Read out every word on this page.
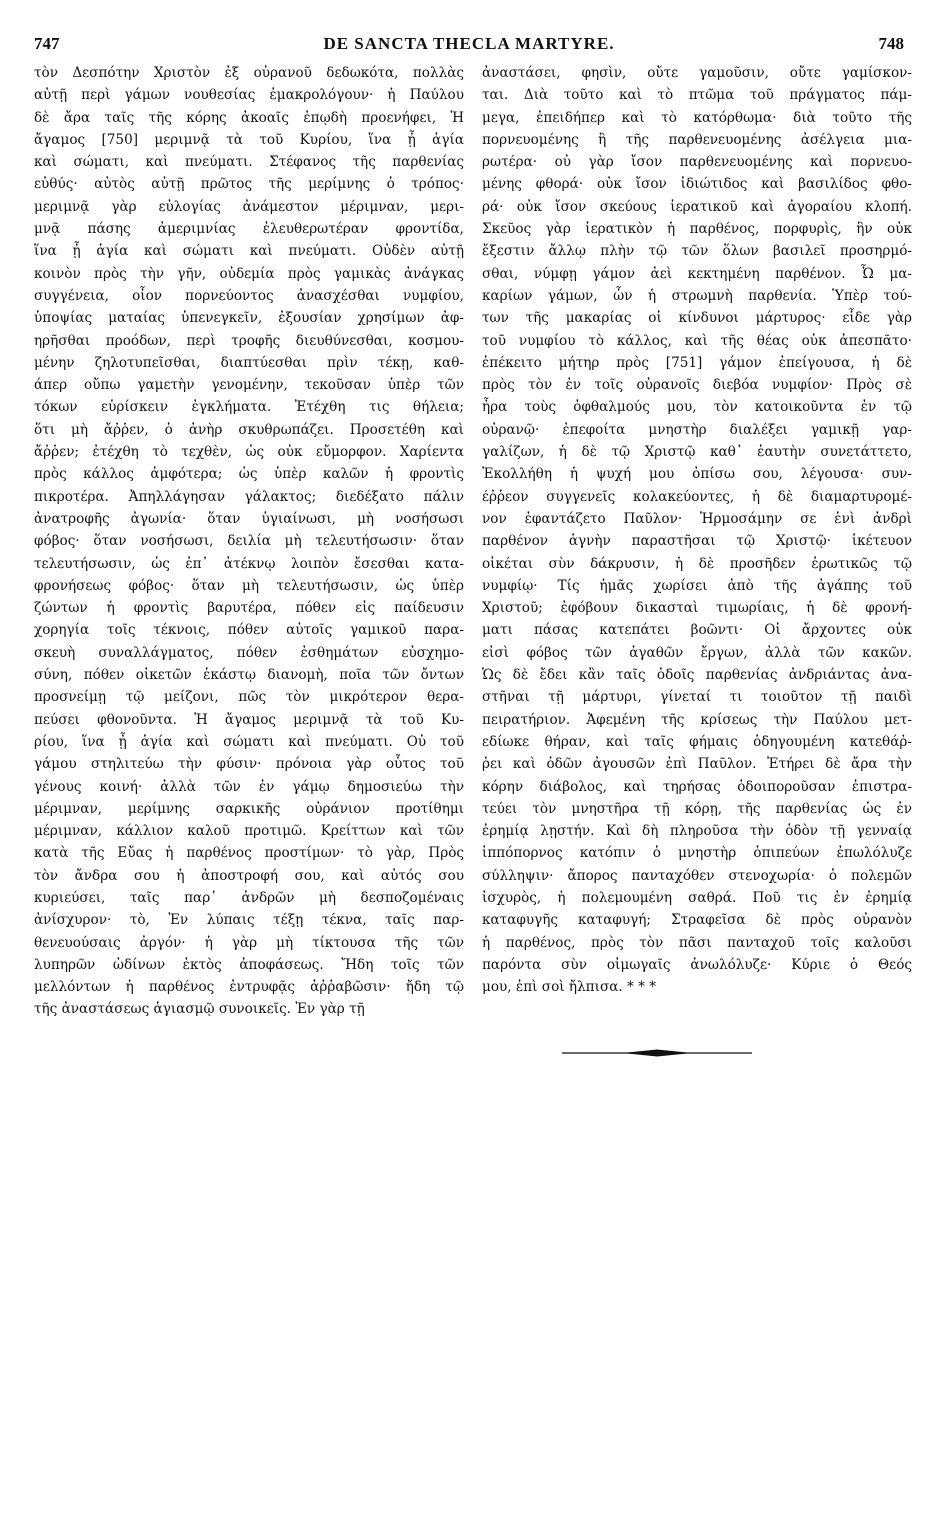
747	DE SANCTA THECLA MARTYRE.	748
τὸν Δεσπότην Χριστὸν ἐξ οὐρανοῦ δεδωκότα, πολλὰς
αὐτῇ περὶ γάμων νουθεσίας ἐμακρολόγουν· ἡ Παύλου
δὲ ἄρα ταῖς τῆς κόρης ἀκοαῖς ἐπῳδὴ προενήφει, Ἡ
ἄγαμος [750] μεριμνᾷ τὰ τοῦ Κυρίου, ἵνα ᾖ ἁγία
καὶ σώματι, καὶ πνεύματι. Στέφανος τῆς παρθενίας
εὐθύς· αὐτὸς αὐτῇ πρῶτος τῆς μερίμνης ὁ τρόπος·
μεριμνᾷ γὰρ εὐλογίας ἀνάμεστον μέριμναν, μερι-
μνᾷ πάσης ἀμεριμνίας ἐλευθερωτέραν φροντίδα,
ἵνα ᾖ ἁγία καὶ σώματι καὶ πνεύματι. Οὐδὲν αὐτῇ
κοινὸν πρὸς τὴν γῆν, οὐδεμία πρὸς γαμικὰς ἀνάγκας
συγγένεια, οἷον πορνεύοντος ἀνασχέσθαι νυμφίου,
ὑποψίας ματαίας ὑπενεγκεῖν, ἐξουσίαν χρησίμων ἀφ-
ηρῆσθαι προόδων, περὶ τροφῆς διευθύνεσθαι, κοσμου-
μένην ζηλοτυπεῖσθαι, διαπτύεσθαι πρὶν τέκῃ, καθ-
άπερ οὔπω γαμετὴν γενομένην, τεκοῦσαν ὑπὲρ τῶν
τόκων εὑρίσκειν ἐγκλήματα. Ἐτέχθη τις θήλεια;
ὅτι μὴ ἄῤῥεν, ὁ ἀνὴρ σκυθρωπάζει. Προσετέθη καὶ
ἄῤῥεν; ἐτέχθη τὸ τεχθὲν, ὡς οὐκ εὔμορφον. Χαρίεντα
πρὸς κάλλος ἀμφότερα; ὡς ὑπὲρ καλῶν ἡ φροντὶς
πικροτέρα. Ἀπηλλάγησαν γάλακτος; διεδέξατο πάλιν
ἀνατροφῆς ἀγωνία· ὅταν ὑγιαίνωσι, μὴ νοσήσωσι
φόβος· ὅταν νοσήσωσι, δειλία μὴ τελευτήσωσιν· ὅταν
τελευτήσωσιν, ὡς ἐπ᾽ ἀτέκνῳ λοιπὸν ἔσεσθαι κατα-
φρονήσεως φόβος· ὅταν μὴ τελευτήσωσιν, ὡς ὑπὲρ
ζώντων ἡ φροντὶς βαρυτέρα, πόθεν εἰς παίδευσιν
χορηγία τοῖς τέκνοις, πόθεν αὐτοῖς γαμικοῦ παρα-
σκευὴ συναλλάγματος, πόθεν ἐσθημάτων εὐσχημο-
σύνη, πόθεν οἰκετῶν ἑκάστῳ διανομὴ, ποῖα τῶν ὄντων
προσνείμῃ τῷ μείζονι, πῶς τὸν μικρότερον θερα-
πεύσει φθονοῦντα. Ἡ ἄγαμος μεριμνᾷ τὰ τοῦ Κυ-
ρίου, ἵνα ᾖ ἁγία καὶ σώματι καὶ πνεύματι. Οὐ τοῦ
γάμου στηλιτεύω τὴν φύσιν· πρόνοια γὰρ οὗτος τοῦ
γένους κοινή· ἀλλὰ τῶν ἐν γάμῳ δημοσιεύω τὴν
μέριμναν, μερίμνης σαρκικῆς οὐράνιον προτίθημι
μέριμναν, κάλλιον καλοῦ προτιμῶ. Κρείττων καὶ τῶν
κατὰ τῆς Εὔας ἡ παρθένος προστίμων· τὸ γὰρ, Πρὸς
τὸν ἄνδρα σου ἡ ἀποστροφή σου, καὶ αὐτός σου
κυριεύσει, ταῖς παρ᾽ ἀνδρῶν μὴ δεσποζομέναις
ἀνίσχυρον· τὸ, Ἐν λύπαις τέξῃ τέκνα, ταῖς παρ-
θενευούσαις ἀργόν· ἡ γὰρ μὴ τίκτουσα τῆς τῶν
λυπηρῶν ὠδίνων ἐκτὸς ἀποφάσεως. Ἤδη τοῖς τῶν
μελλόντων ἡ παρθένος ἐντρυφᾷς ἀῤῥαβῶσιν· ἤδη τῷ
τῆς ἀναστάσεως ἁγιασμῷ συνοικεῖς. Ἐν γὰρ τῇ
ἀναστάσει, φησὶν, οὔτε γαμοῦσιν, οὔτε γαμίσκον-
ται. Διὰ τοῦτο καὶ τὸ πτῶμα τοῦ πράγματος πάμ-
μεγα, ἐπειδήπερ καὶ τὸ κατόρθωμα· διὰ τοῦτο τῆς
πορνευομένης ἢ τῆς παρθενευομένης ἀσέλγεια μια-
ρωτέρα· οὐ γὰρ ἴσον παρθενευομένης καὶ πορνευο-
μένης φθορά· οὐκ ἴσον ἰδιώτιδος καὶ βασιλίδος φθο-
ρά· οὐκ ἴσον σκεύους ἱερατικοῦ καὶ ἀγοραίου κλοπή.
Σκεῦος γὰρ ἱερατικὸν ἡ παρθένος, πορφυρὶς, ἣν οὐκ
ἔξεστιν ἄλλῳ πλὴν τῷ τῶν ὅλων βασιλεῖ προσηρμό-
σθαι, νύμφῃ γάμον ἀεὶ κεκτημένη παρθένον. Ὦ μα-
καρίων γάμων, ὧν ἡ στρωμνὴ παρθενία. Ὑπὲρ τού-
των τῆς μακαρίας οἱ κίνδυνοι μάρτυρος· εἶδε γὰρ
τοῦ νυμφίου τὸ κάλλος, καὶ τῆς θέας οὐκ ἀπεσπᾶτο·
ἐπέκειτο μήτηρ πρὸς [751] γάμον ἐπείγουσα, ἡ δὲ
πρὸς τὸν ἐν τοῖς οὐρανοῖς διεβόα νυμφίον· Πρὸς σὲ
ἦρα τοὺς ὀφθαλμούς μου, τὸν κατοικοῦντα ἐν τῷ
οὐρανῷ· ἐπεφοίτα μνηστὴρ διαλέξει γαμικῇ γαρ-
γαλίζων, ἡ δὲ τῷ Χριστῷ καθ᾽ ἑαυτὴν συνετάττετο,
Ἐκολλήθη ἡ ψυχή μου ὀπίσω σου, λέγουσα· συν-
έῤῥεον συγγενεῖς κολακεύοντες, ἡ δὲ διαμαρτυρομέ-
νον ἐφαντάζετο Παῦλον· Ἡρμοσάμην σε ἑνὶ ἀνδρὶ
παρθένον ἁγνὴν παραστῆσαι τῷ Χριστῷ· ἱκέτευον
οἰκέται σὺν δάκρυσιν, ἡ δὲ προσῆδεν ἐρωτικῶς τῷ
νυμφίῳ· Τίς ἡμᾶς χωρίσει ἀπὸ τῆς ἀγάπης τοῦ
Χριστοῦ; ἐφόβουν δικασταὶ τιμωρίαις, ἡ δὲ φρονή-
ματι πάσας κατεπάτει βοῶντι· Οἱ ἄρχοντες οὐκ
εἰσὶ φόβος τῶν ἀγαθῶν ἔργων, ἀλλὰ τῶν κακῶν.
Ὡς δὲ ἔδει κἂν ταῖς ὁδοῖς παρθενίας ἀνδριάντας ἀνα-
στῆναι τῇ μάρτυρι, γίνεταί τι τοιοῦτον τῇ παιδὶ
πειρατήριον. Ἀφεμένη τῆς κρίσεως τὴν Παύλου μετ-
εδίωκε θήραν, καὶ ταῖς φήμαις ὁδηγουμένη κατεθάῤ-
ῥει καὶ ὁδῶν ἀγουσῶν ἐπὶ Παῦλον. Ἐτήρει δὲ ἄρα τὴν
κόρην διάβολος, καὶ τηρήσας ὁδοιποροῦσαν ἐπιστρα-
τεύει τὸν μνηστῆρα τῇ κόρῃ, τῆς παρθενίας ὡς ἐν
ἐρημίᾳ λῃστήν. Καὶ δὴ πληροῦσα τὴν ὁδὸν τῇ γενναίᾳ
ἱππόπορνος κατόπιν ὁ μνηστὴρ ὀπιπεύων ἐπωλόλυζε
σύλληψιν· ἄπορος πανταχόθεν στενοχωρία· ὁ πολεμῶν
ἰσχυρὸς, ἡ πολεμουμένη σαθρά. Ποῦ τις ἐν ἐρημίᾳ
καταφυγῆς καταφυγή; Στραφεῖσα δὲ πρὸς οὐρανὸν
ἡ παρθένος, πρὸς τὸν πᾶσι πανταχοῦ τοῖς καλοῦσι
παρόντα σὺν οἰμωγαῖς ἀνωλόλυζε· Κύριε ὁ Θεός
μου, ἐπὶ σοὶ ἤλπισα. * * *
